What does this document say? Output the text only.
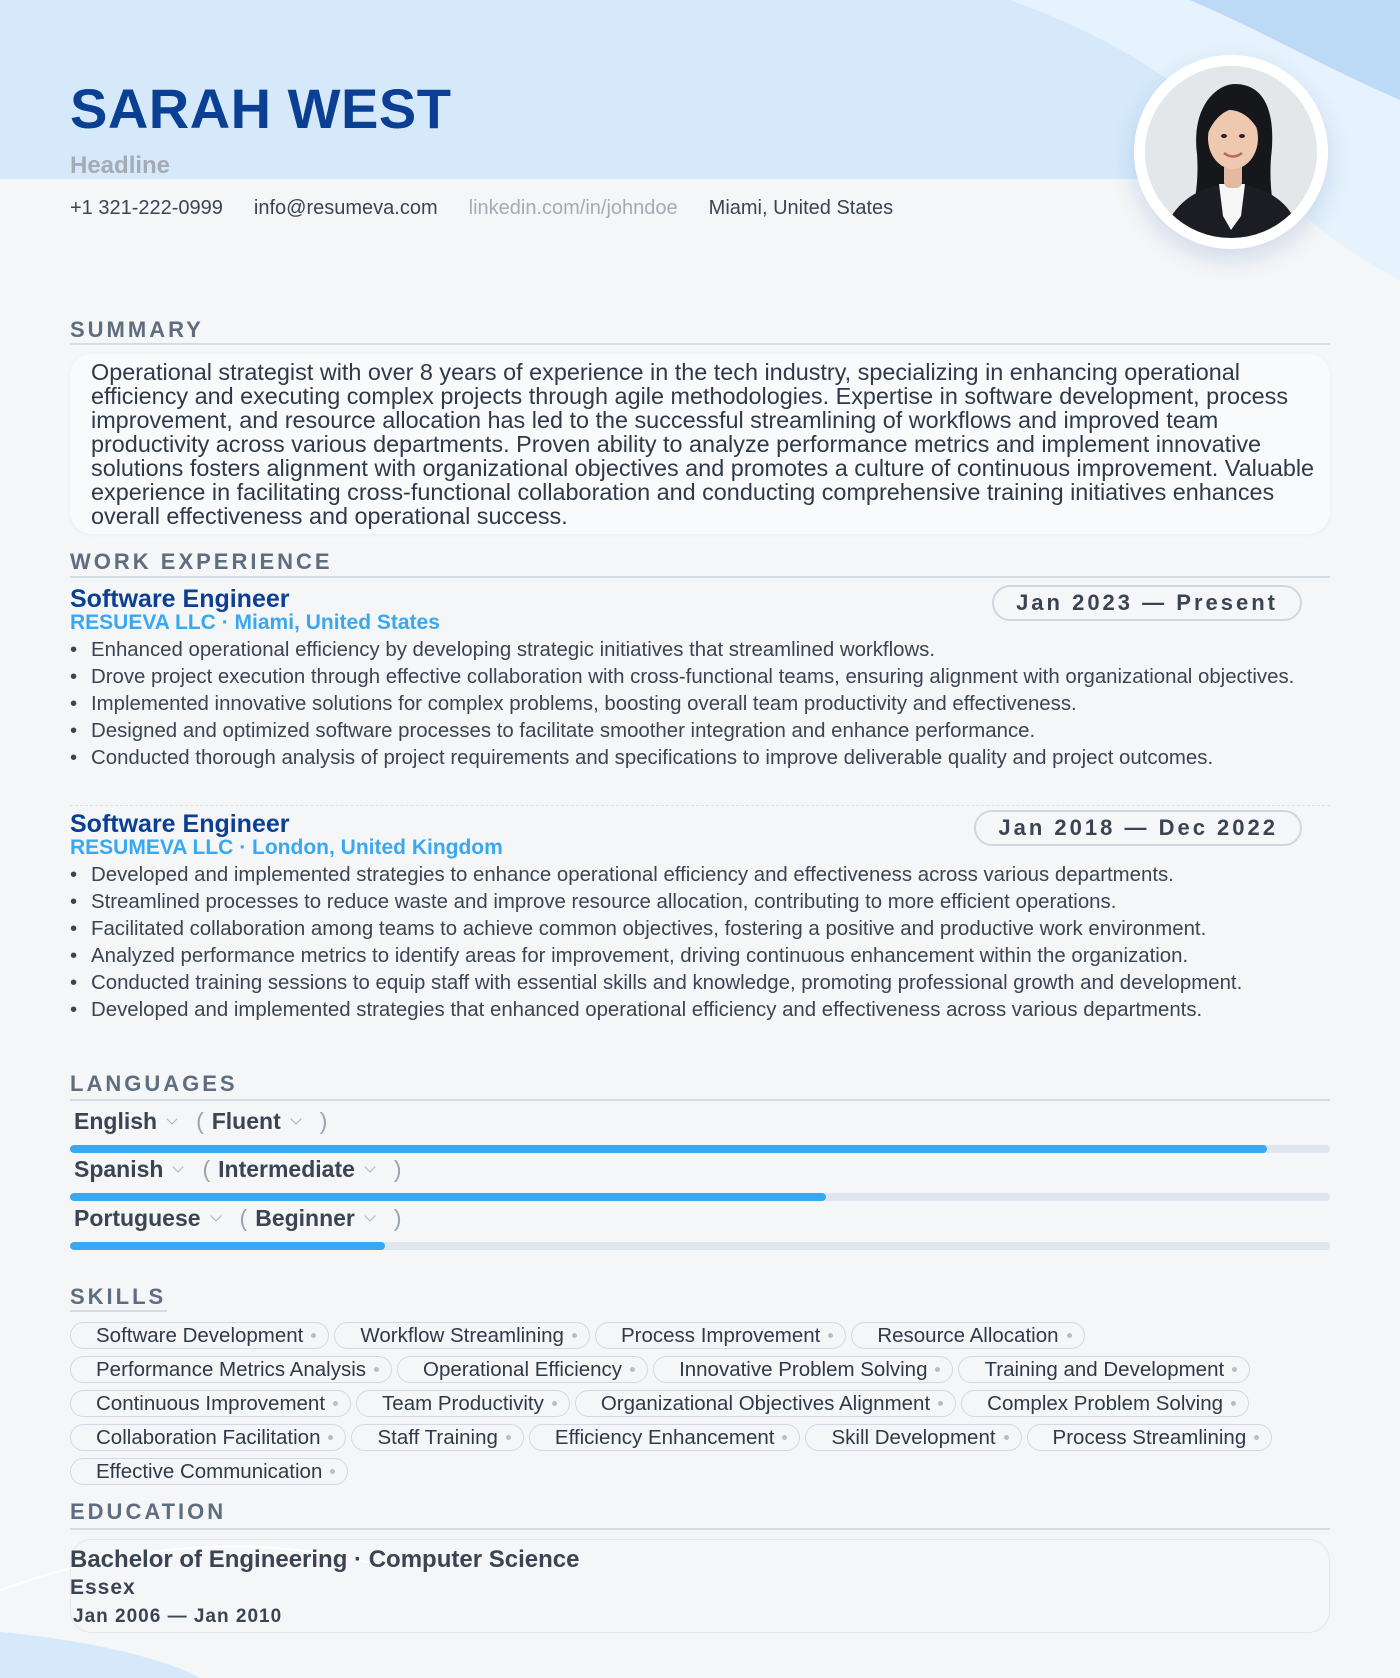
SARAH WEST
Headline
+1 321-222-0999 info@resumeva.com linkedin.com/in/johndoe Miami, United States
SUMMARY

Operational strategist with over 8 years of experience in the tech industry, specializing in enhancing operational efficiency and executing complex projects through agile methodologies. Expertise in software development, process improvement, and resource allocation has led to the successful streamlining of workflows and improved team productivity across various departments. Proven ability to analyze performance metrics and implement innovative solutions fosters alignment with organizational objectives and promotes a culture of continuous improvement. Valuable experience in facilitating cross-functional collaboration and conducting comprehensive training initiatives enhances overall effectiveness and operational success.

WORK EXPERIENCE
Software Engineer
RESUEVA LLC · Miami, United States
Jan 2023
—
Present
• Enhanced operational efficiency by developing strategic initiatives that streamlined workflows.
• Drove project execution through effective collaboration with cross-functional teams, ensuring alignment with organizational objectives.
• Implemented innovative solutions for complex problems, boosting overall team productivity and effectiveness.
• Designed and optimized software processes to facilitate smoother integration and enhance performance.
• Conducted thorough analysis of project requirements and specifications to improve deliverable quality and project outcomes.
Software Engineer
RESUMEVA LLC · London, United Kingdom
Jan 2018
—
Dec 2022
• Developed and implemented strategies to enhance operational efficiency and effectiveness across various departments.
• Streamlined processes to reduce waste and improve resource allocation, contributing to more efficient operations.
• Facilitated collaboration among teams to achieve common objectives, fostering a positive and productive work environment.
• Analyzed performance metrics to identify areas for improvement, driving continuous enhancement within the organization.
• Conducted training sessions to equip staff with essential skills and knowledge, promoting professional growth and development.
• Developed and implemented strategies that enhanced operational efficiency and effectiveness across various departments.
LANGUAGES
English ( Fluent )
Spanish ( Intermediate )
Portuguese ( Beginner )
SKILLS
Software Development	Workflow Streamlining	Process Improvement	Resource Allocation
Performance Metrics Analysis	Operational Efficiency	Innovative Problem Solving	Training and Development
Continuous Improvement	Team Productivity	Organizational Objectives Alignment	Complex Problem Solving
Collaboration Facilitation	Staff Training	Efficiency Enhancement	Skill Development	Process Streamlining
Effective Communication
EDUCATION
Bachelor of Engineering · Computer Science
Essex
Jan 2006 — Jan 2010
